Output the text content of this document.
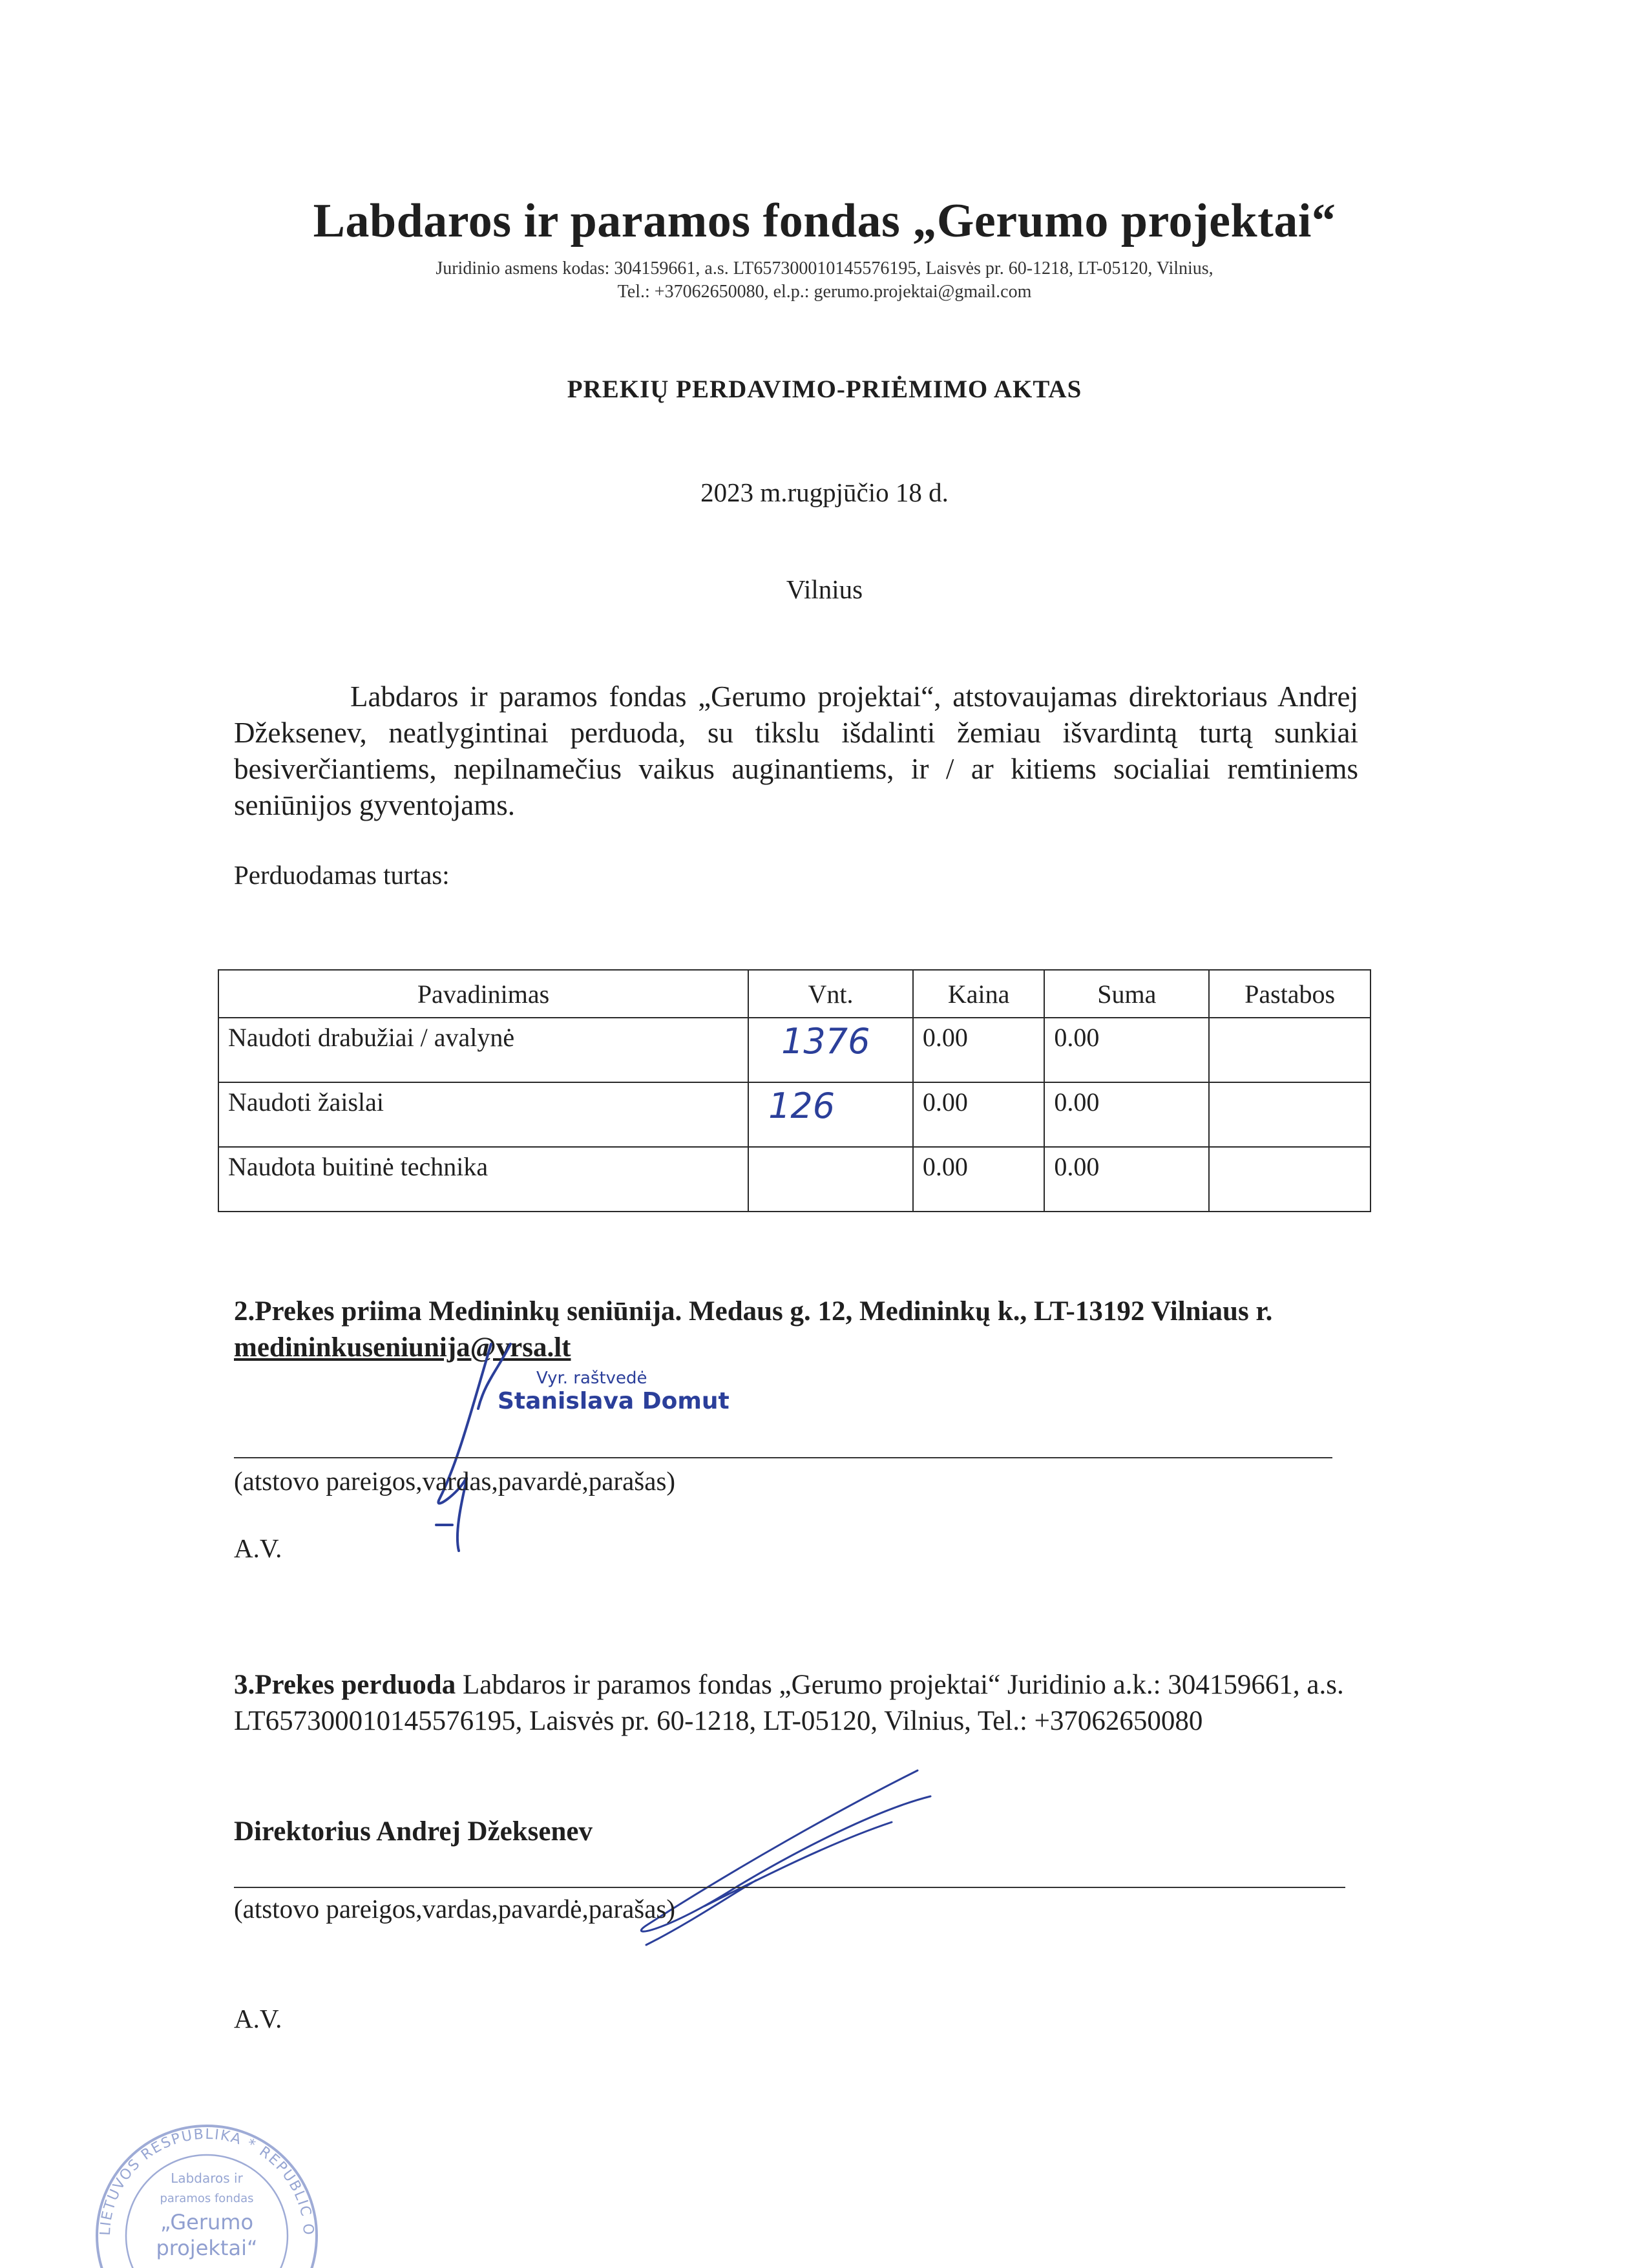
Labdaros ir paramos fondas „Gerumo projektai“
Juridinio asmens kodas: 304159661, a.s. LT657300010145576195, Laisvės pr. 60-1218, LT-05120, Vilnius,
Tel.: +37062650080, el.p.: gerumo.projektai@gmail.com
PREKIŲ PERDAVIMO-PRIĖMIMO AKTAS
2023 m.rugpjūčio 18 d.
Vilnius
Labdaros ir paramos fondas „Gerumo projektai“, atstovaujamas direktoriaus Andrej Džeksenev, neatlygintinai perduoda, su tikslu išdalinti žemiau išvardintą turtą sunkiai besiverčiantiems, nepilnamečius vaikus auginantiems, ir / ar kitiems socialiai remtiniems seniūnijos gyventojams.
Perduodamas turtas:
Pavadinimas	Vnt.	Kaina	Suma	Pastabos
Naudoti drabužiai / avalynė	1376	0.00	0.00	
Naudoti žaislai	126	0.00	0.00	
Naudota buitinė technika		0.00	0.00	
2.Prekes priima Medininkų seniūnija. Medaus g. 12, Medininkų k., LT-13192 Vilniaus r. medininkuseniunija@vrsa.lt
Vyr. raštvedė
Stanislava Domut
(atstovo pareigos,vardas,pavardė,parašas)
A.V.
3.Prekes perduoda Labdaros ir paramos fondas „Gerumo projektai“ Juridinio a.k.: 304159661, a.s. LT657300010145576195, Laisvės pr. 60-1218, LT-05120, Vilnius, Tel.: +37062650080
Direktorius Andrej Džeksenev
(atstovo pareigos,vardas,pavardė,parašas)
A.V.
LIETUVOS RESPUBLIKA * REPUBLIC OF LITHUANIA * VILNIUS *
Labdaros ir
paramos fondas
„Gerumo
projektai“
